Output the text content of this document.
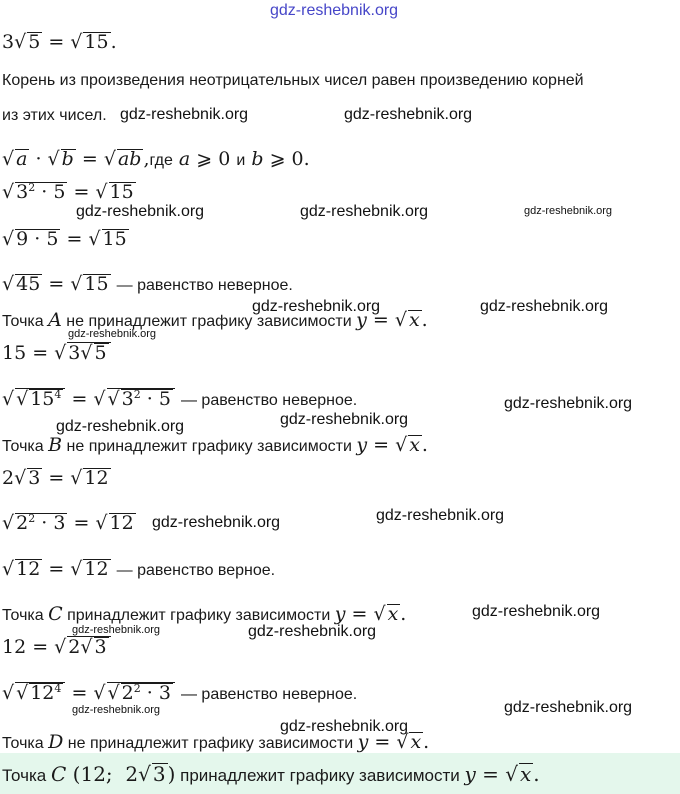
gdz-reshebnik.org
gdz-reshebnik.org	gdz-reshebnik.org
gdz-reshebnik.org	gdz-reshebnik.org	gdz-reshebnik.org
gdz-reshebnik.org	gdz-reshebnik.org
gdz-reshebnik.org
gdz-reshebnik.org
gdz-reshebnik.org
gdz-reshebnik.org
gdz-reshebnik.org
gdz-reshebnik.org
gdz-reshebnik.org
gdz-reshebnik.org	gdz-reshebnik.org
gdz-reshebnik.org	gdz-reshebnik.org
gdz-reshebnik.org
3√ 5 = √ 15 .
Корень из произведения неотрицательных чисел равен произведению корней
из этих чисел.
√ a · √ b = √ ab ,где a ⩾ 0 и b ⩾ 0.
√ $3^2 \cdot 5$ = √ 15
√ 9 · 5 = √ 15
√ 45 = √ 15 — равенство неверное.
Точка A не принадлежит графику зависимости y = √ x .
15 = √ 3√ 5
√ √ $15^4$ = √ √ $3^2 \cdot 5$ — равенство неверное.
Точка B не принадлежит графику зависимости y = √ x .
2√ 3 = √ 12
√ $2^2 \cdot 3$ = √ 12
√ 12 = √ 12 — равенство верное.
Точка C принадлежит графику зависимости y = √ x .
12 = √ 2√ 3
√ √ $12^4$ = √ √ $2^2 \cdot 3$ — равенство неверное.
Точка D не принадлежит графику зависимости y = √ x .
Точка C (12;  2√ 3 ) принадлежит графику зависимости y = √ x .
